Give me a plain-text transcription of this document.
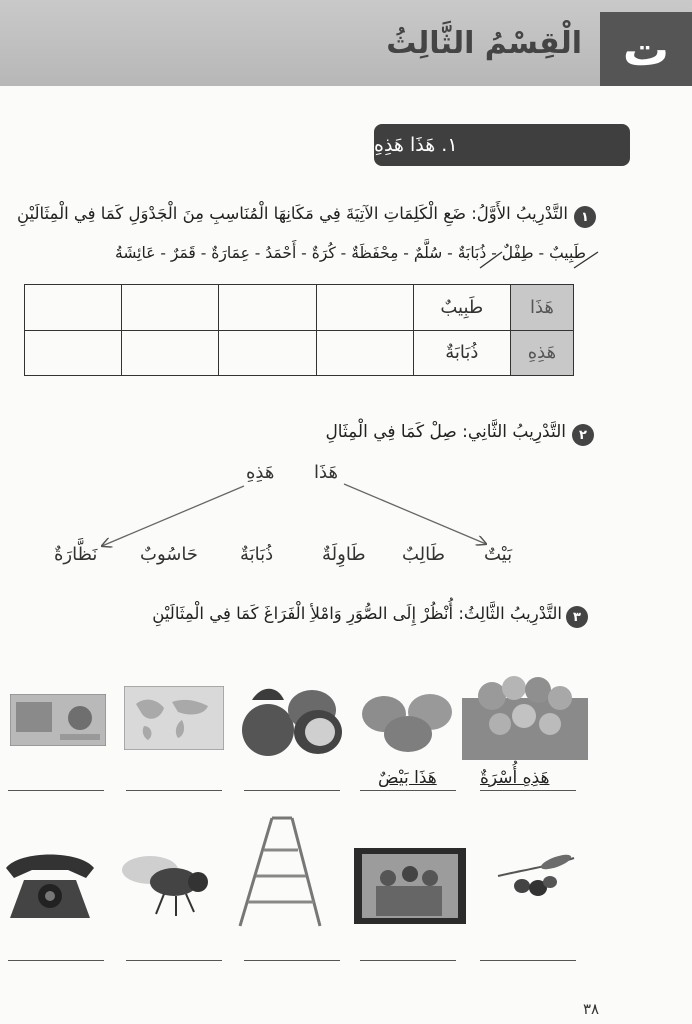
ت
الْقِسْمُ الثَّالِثُ
١. هَذَا هَذِهِ
١
التَّدْرِيبُ الأَوَّلُ: ضَعِ الْكَلِمَاتِ الآتِيَةَ فِي مَكَانِهَا الْمُنَاسِبِ مِنَ الْجَدْوَلِ كَمَا فِي الْمِثَالَيْنِ
طَبِيبٌ - طِفْلٌ - ذُبَابَةٌ - سُلَّمٌ - مِحْفَظَةٌ - كُرَةٌ - أَحْمَدُ - عِمَارَةٌ - قَمَرٌ - عَائِشَةُ
هَذَا	طَبِيبٌ				
هَذِهِ	ذُبَابَةٌ				
٢
التَّدْرِيبُ الثَّانِي: صِلْ كَمَا فِي الْمِثَالِ
هَذَا
هَذِهِ
بَيْتٌ
طَالِبٌ
طَاوِلَةٌ
ذُبَابَةٌ
حَاسُوبٌ
نَظَّارَةٌ
٣
التَّدْرِيبُ الثَّالِثُ: أُنْظُرْ إِلَى الصُّوَرِ وَامْلأِ الْفَرَاغَ كَمَا فِي الْمِثَالَيْنِ
هَذِهِ أُسْرَةٌ
هَذَا بَيْضٌ
٣٨
